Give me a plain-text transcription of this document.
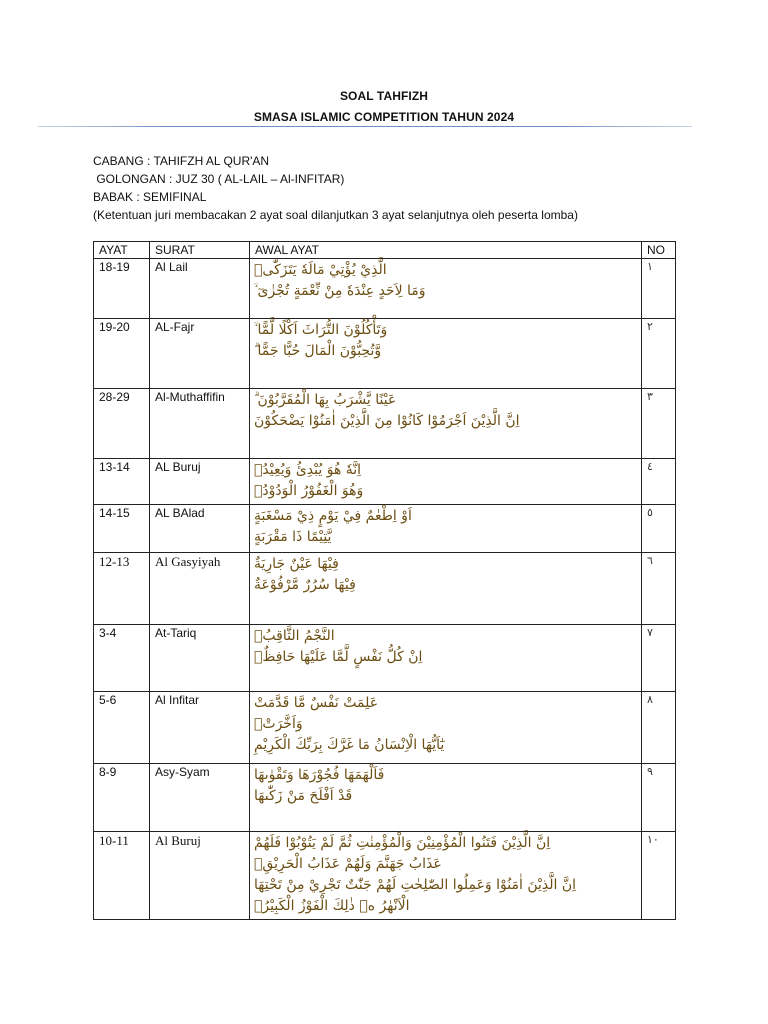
SOAL TAHFIZH
SMASA ISLAMIC COMPETITION TAHUN 2024
CABANG : TAHIFZH AL QUR'AN
GOLONGAN : JUZ 30 ( AL-LAIL – Al-INFITAR)
BABAK : SEMIFINAL
(Ketentuan juri membacakan 2 ayat soal dilanjutkan 3 ayat selanjutnya oleh peserta lomba)
AYAT	SURAT	AWAL AYAT	NO
18-19	Al Lail	الَّذِيْ يُؤْتِيْ مَالَهٗ يَتَزَكّٰىۚ
وَمَا لِاَحَدٍ عِنْدَهٗ مِنْ نِّعْمَةٍ تُجْزٰىٓ ۙ	١
19-20	AL-Fajr	وَتَأْكُلُوْنَ التُّرَاثَ اَكْلًا لَّمًّا ۙ
وَّتُحِبُّوْنَ الْمَالَ حُبًّا جَمًّا ۗ	٢
28-29	Al-Muthaffifin	عَيْنًا يَّشْرَبُ بِهَا الْمُقَرَّبُوْنَ ۗ
اِنَّ الَّذِيْنَ اَجْرَمُوْا كَانُوْا مِنَ الَّذِيْنَ اٰمَنُوْا يَضْحَكُوْنَ	٣
13-14	AL Buruj	اِنَّهٗ هُوَ يُبْدِئُ وَيُعِيْدُۚ
وَهُوَ الْغَفُوْرُ الْوَدُوْدُۙ	٤
14-15	AL BAlad	اَوْ اِطْعٰمٌ فِيْ يَوْمٍ ذِيْ مَسْغَبَةٍ
يَّتِيْمًا ذَا مَقْرَبَةٍ	٥
12-13	Al Gasyiyah	فِيْهَا عَيْنٌ جَارِيَةٌ
فِيْهَا سُرُرٌ مَّرْفُوْعَةٌ	٦
3-4	At-Tariq	النَّجْمُ الثَّاقِبُۙ
اِنْ كُلُّ نَفْسٍ لَّمَّا عَلَيْهَا حَافِظٌۗ	٧
5-6	Al Infitar	عَلِمَتْ نَفْسٌ مَّا قَدَّمَتْ
وَاَخَّرَتْۗ
يٰٓاَيُّهَا الْاِنْسَانُ مَا غَرَّكَ بِرَبِّكَ الْكَرِيْمِ	٨
8-9	Asy-Syam	فَاَلْهَمَهَا فُجُوْرَهَا وَتَقْوٰىهَا
قَدْ اَفْلَحَ مَنْ زَكّٰىهَا	٩
10-11	Al Buruj	اِنَّ الَّذِيْنَ فَتَنُوا الْمُؤْمِنِيْنَ وَالْمُؤْمِنٰتِ ثُمَّ لَمْ يَتُوْبُوْا فَلَهُمْ
عَذَابُ جَهَنَّمَ وَلَهُمْ عَذَابُ الْحَرِيْقِۗ
اِنَّ الَّذِيْنَ اٰمَنُوْا وَعَمِلُوا الصّٰلِحٰتِ لَهُمْ جَنّٰتٌ تَجْرِيْ مِنْ تَحْتِهَا
الْاَنْهٰرُ ەۗ ذٰلِكَ الْفَوْزُ الْكَبِيْرُۗ	١٠
